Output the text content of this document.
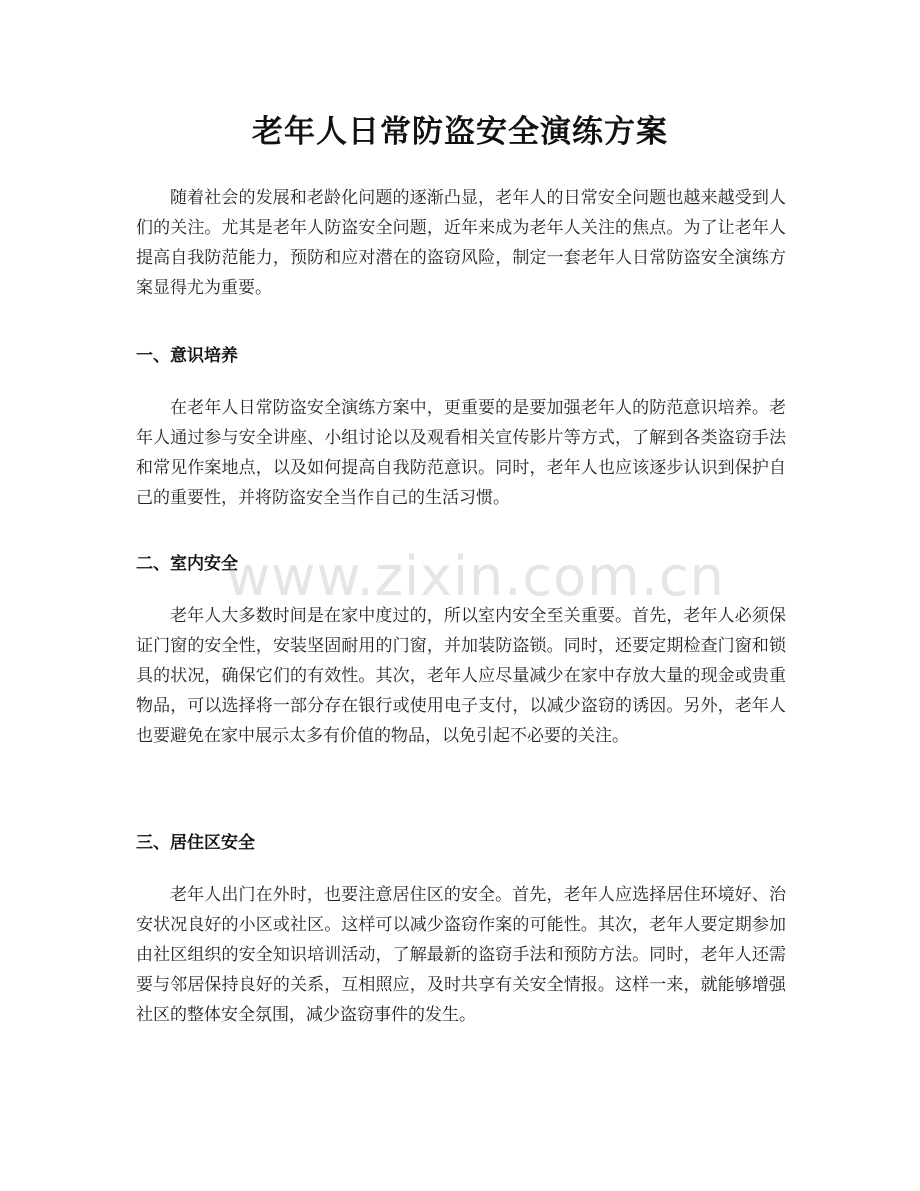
老年人日常防盗安全演练方案

随着社会的发展和老龄化问题的逐渐凸显，老年人的日常安全问题也越来越受到人们的关注。尤其是老年人防盗安全问题，近年来成为老年人关注的焦点。为了让老年人提高自我防范能力，预防和应对潜在的盗窃风险，制定一套老年人日常防盗安全演练方案显得尤为重要。

一、意识培养

在老年人日常防盗安全演练方案中，更重要的是要加强老年人的防范意识培养。老年人通过参与安全讲座、小组讨论以及观看相关宣传影片等方式，了解到各类盗窃手法和常见作案地点，以及如何提高自我防范意识。同时，老年人也应该逐步认识到保护自己的重要性，并将防盗安全当作自己的生活习惯。

二、室内安全

老年人大多数时间是在家中度过的，所以室内安全至关重要。首先，老年人必须保证门窗的安全性，安装坚固耐用的门窗，并加装防盗锁。同时，还要定期检查门窗和锁具的状况，确保它们的有效性。其次，老年人应尽量减少在家中存放大量的现金或贵重物品，可以选择将一部分存在银行或使用电子支付，以减少盗窃的诱因。另外，老年人也要避免在家中展示太多有价值的物品，以免引起不必要的关注。

三、居住区安全

老年人出门在外时，也要注意居住区的安全。首先，老年人应选择居住环境好、治安状况良好的小区或社区。这样可以减少盗窃作案的可能性。其次，老年人要定期参加由社区组织的安全知识培训活动，了解最新的盗窃手法和预防方法。同时，老年人还需要与邻居保持良好的关系，互相照应，及时共享有关安全情报。这样一来，就能够增强社区的整体安全氛围，减少盗窃事件的发生。

www.zixin.com.cn
